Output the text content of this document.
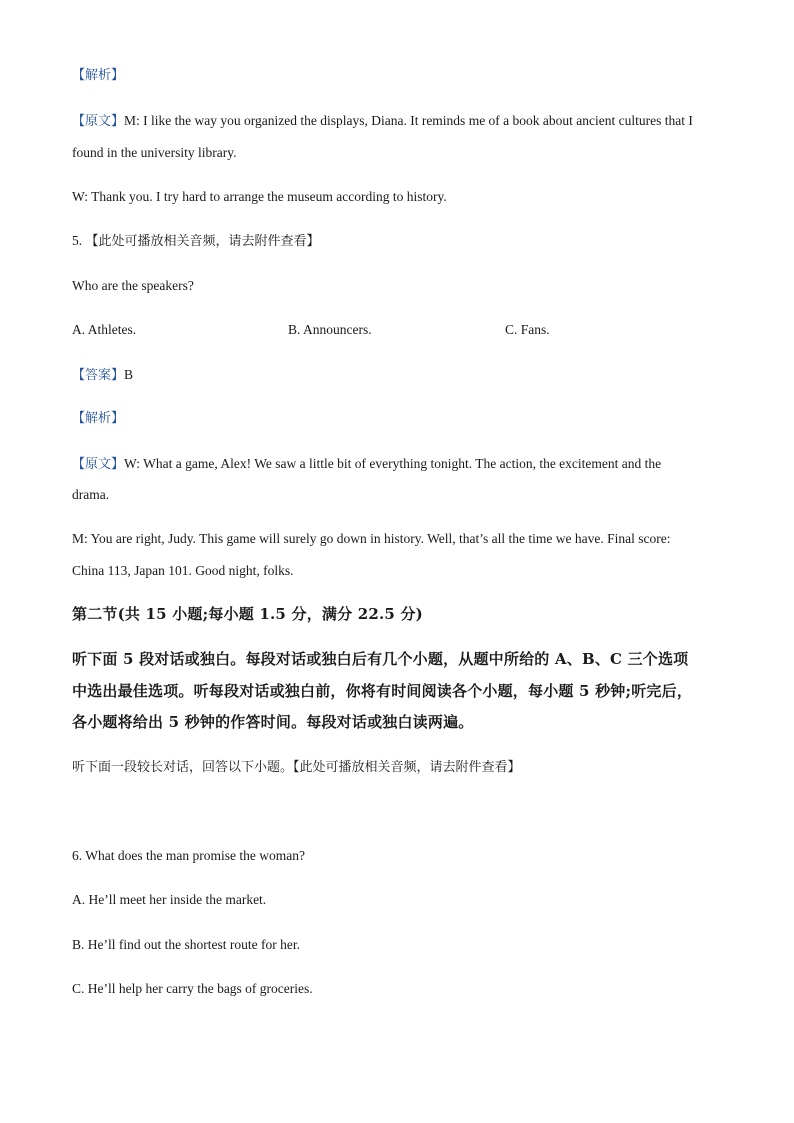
【解析】
【原文】M: I like the way you organized the displays, Diana. It reminds me of a book about ancient cultures that I
found in the university library.
W: Thank you. I try hard to arrange the museum according to history.
5. 【此处可播放相关音频，请去附件查看】
Who are the speakers?
A. Athletes.	B. Announcers.	C. Fans.
【答案】B
【解析】
【原文】W: What a game, Alex! We saw a little bit of everything tonight. The action, the excitement and the
drama.
M: You are right, Judy. This game will surely go down in history. Well, that’s all the time we have. Final score:
China 113, Japan 101. Good night, folks.
第二节(共 15 小题;每小题 1.5 分，满分 22.5 分)
听下面 5 段对话或独白。每段对话或独白后有几个小题，从题中所给的 A、B、C 三个选项
中选出最佳选项。听每段对话或独白前，你将有时间阅读各个小题，每小题 5 秒钟;听完后，
各小题将给出 5 秒钟的作答时间。每段对话或独白读两遍。
听下面一段较长对话，回答以下小题。【此处可播放相关音频，请去附件查看】
6. What does the man promise the woman?
A. He’ll meet her inside the market.
B. He’ll find out the shortest route for her.
C. He’ll help her carry the bags of groceries.
